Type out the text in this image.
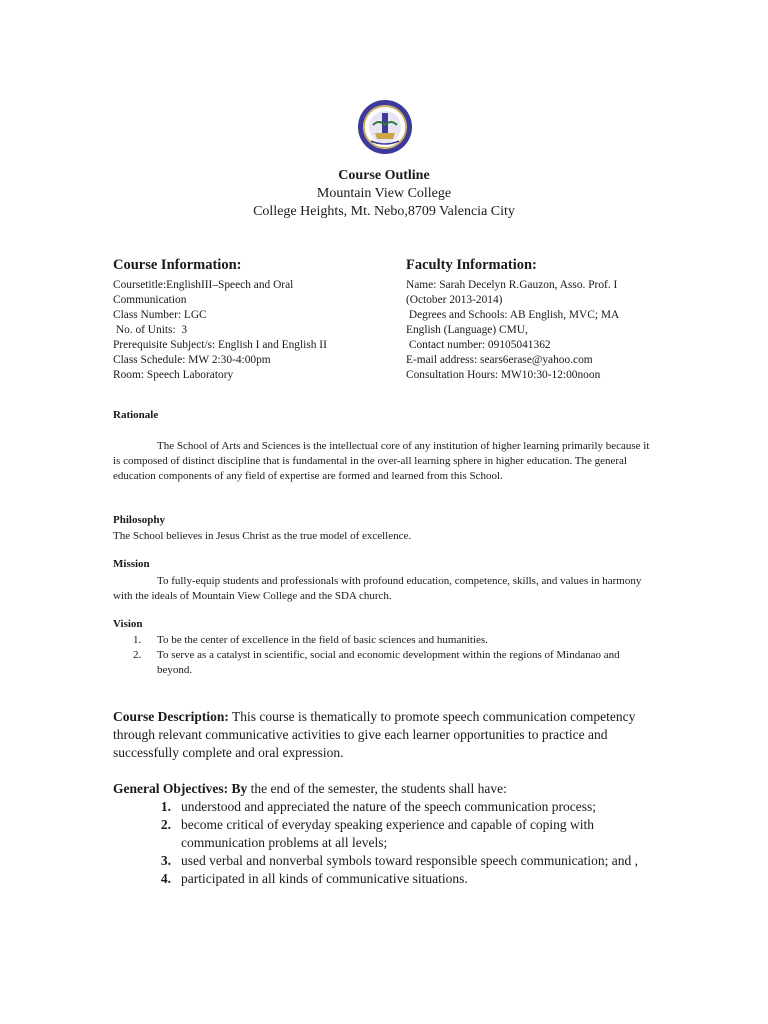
Course Outline
Mountain View College
College Heights, Mt. Nebo,8709 Valencia City
Course Information:
Coursetitle:EnglishIII–Speech and Oral
Communication
Class Number: LGC
No. of Units:  3
Prerequisite Subject/s: English I and English II
Class Schedule: MW 2:30-4:00pm
Room: Speech Laboratory
Faculty Information:
Name: Sarah Decelyn R.Gauzon, Asso. Prof. I
(October 2013-2014)
Degrees and Schools: AB English, MVC; MA
English (Language) CMU,
Contact number: 09105041362
E-mail address: sears6erase@yahoo.com
Consultation Hours: MW10:30-12:00noon

Rationale

The School of Arts and Sciences is the intellectual core of any institution of higher learning primarily because it is composed of distinct discipline that is fundamental in the over-all learning sphere in higher education. The general education components of any field of expertise are formed and learned from this School.

Philosophy

The School believes in Jesus Christ as the true model of excellence.

Mission

To fully-equip students and professionals with profound education, competence, skills, and values in harmony with the ideals of Mountain View College and the SDA church.

Vision

1.	To be the center of excellence in the field of basic sciences and humanities.
2.	To serve as a catalyst in scientific, social and economic development within the regions of Mindanao and beyond.

Course Description: This course is thematically to promote speech communication competency through relevant communicative activities to give each learner opportunities to practice and successfully complete and oral expression.

General Objectives: By the end of the semester, the students shall have:

1. understood and appreciated the nature of the speech communication process;
2. become critical of everyday speaking experience and capable of coping with communication problems at all levels;
3. used verbal and nonverbal symbols toward responsible speech communication; and ,
4. participated in all kinds of communicative situations.
